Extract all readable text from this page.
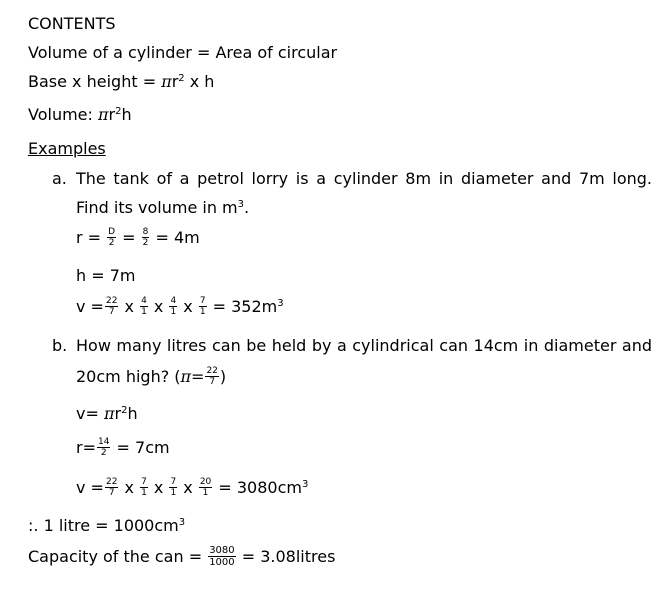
CONTENTS
Volume of a cylinder = Area of circular
Base x height = $\pi r^2$ x h
Volume: $\pi r^2h$
Examples
a. The tank of a petrol lorry is a cylinder 8m in diameter and 7m long.
Find its volume in $m^3$.
$r = \frac{D}{2} = \frac{8}{2} = 4m$
h = 7m
$v = \frac{22}{7}$ x $\frac{4}{1}$ x $\frac{4}{1}$ x $\frac{7}{1} = 352m^3$
b. How many litres can be held by a cylindrical can 14cm in diameter and
20cm high? ($\pi= \frac{22}{7}$ )
$v= \pi r^2h$
$r= \frac{14}{2} = 7cm$
$v = \frac{22}{7}$ x $\frac{7}{1}$ x $\frac{7}{1}$ x $\frac{20}{1} = 3080cm^3$
:. 1 litre = $1000cm^3$
Capacity of the can = $\frac{3080}{1000}$ = 3.08litres
